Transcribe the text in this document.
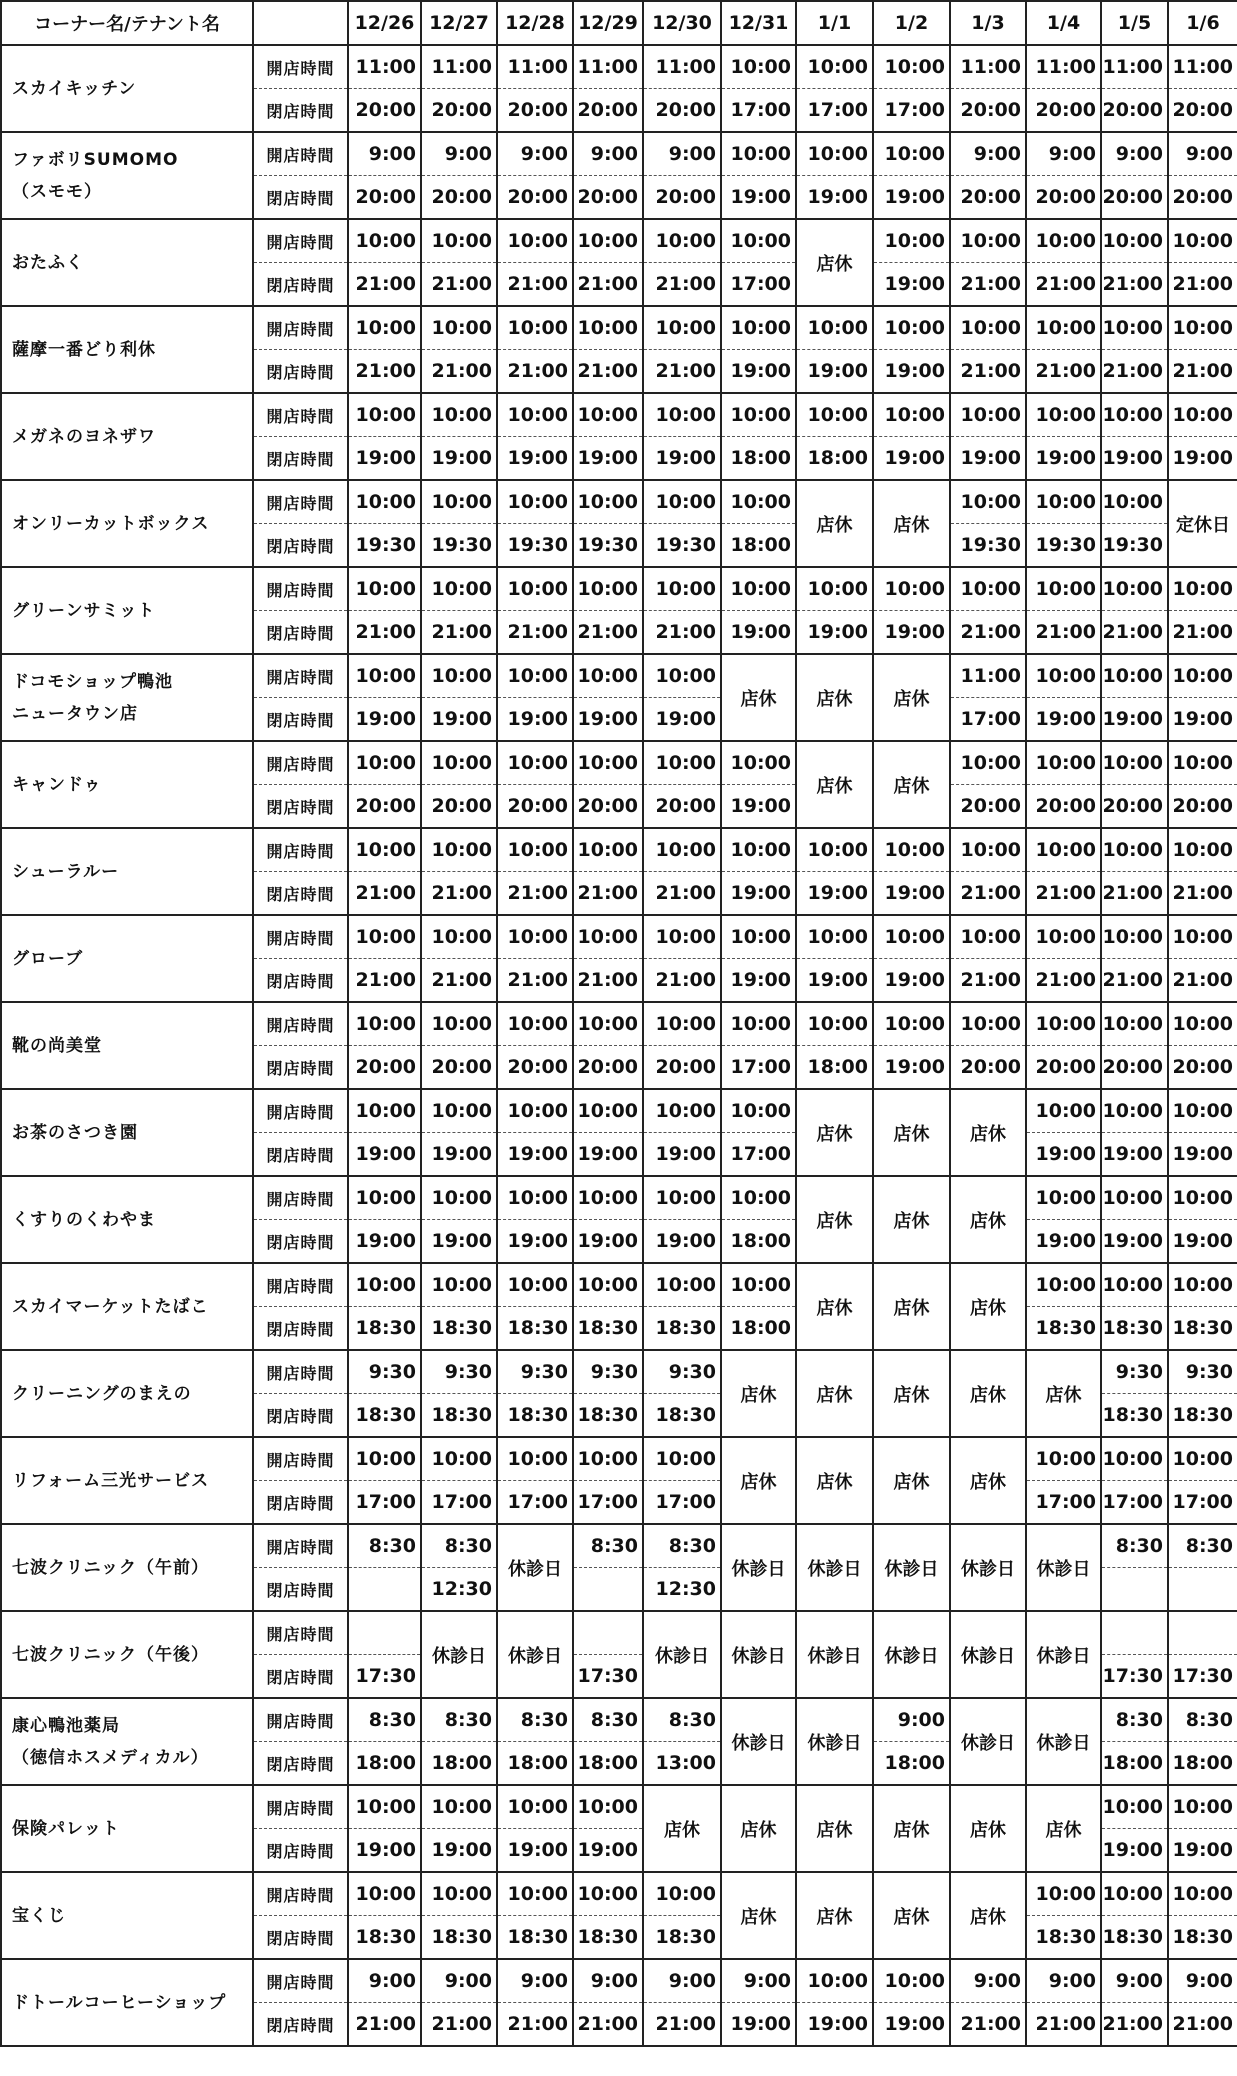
コーナー名/テナント名		12/26	12/27	12/28	12/29	12/30	12/31	1/1	1/2	1/3	1/4	1/5	1/6

スカイキッチン	開店時間	11:00	11:00	11:00	11:00	11:00	10:00	10:00	10:00	11:00	11:00	11:00	11:00
	閉店時間	20:00	20:00	20:00	20:00	20:00	17:00	17:00	17:00	20:00	20:00	20:00	20:00

ファボリSUMOMO
（スモモ）	開店時間	9:00	9:00	9:00	9:00	9:00	10:00	10:00	10:00	9:00	9:00	9:00	9:00
	閉店時間	20:00	20:00	20:00	20:00	20:00	19:00	19:00	19:00	20:00	20:00	20:00	20:00

おたふく	開店時間	10:00	10:00	10:00	10:00	10:00	10:00	店休	10:00	10:00	10:00	10:00	10:00
	閉店時間	21:00	21:00	21:00	21:00	21:00	17:00		19:00	21:00	21:00	21:00	21:00

薩摩一番どり利休	開店時間	10:00	10:00	10:00	10:00	10:00	10:00	10:00	10:00	10:00	10:00	10:00	10:00
	閉店時間	21:00	21:00	21:00	21:00	21:00	19:00	19:00	19:00	21:00	21:00	21:00	21:00

メガネのヨネザワ	開店時間	10:00	10:00	10:00	10:00	10:00	10:00	10:00	10:00	10:00	10:00	10:00	10:00
	閉店時間	19:00	19:00	19:00	19:00	19:00	18:00	18:00	19:00	19:00	19:00	19:00	19:00

オンリーカットボックス	開店時間	10:00	10:00	10:00	10:00	10:00	10:00	店休	店休	10:00	10:00	10:00	定休日
	閉店時間	19:30	19:30	19:30	19:30	19:30	18:00			19:30	19:30	19:30	

グリーンサミット	開店時間	10:00	10:00	10:00	10:00	10:00	10:00	10:00	10:00	10:00	10:00	10:00	10:00
	閉店時間	21:00	21:00	21:00	21:00	21:00	19:00	19:00	19:00	21:00	21:00	21:00	21:00

ドコモショップ鴨池
ニュータウン店	開店時間	10:00	10:00	10:00	10:00	10:00	店休	店休	店休	11:00	10:00	10:00	10:00
	閉店時間	19:00	19:00	19:00	19:00	19:00				17:00	19:00	19:00	19:00

キャンドゥ	開店時間	10:00	10:00	10:00	10:00	10:00	10:00	店休	店休	10:00	10:00	10:00	10:00
	閉店時間	20:00	20:00	20:00	20:00	20:00	19:00			20:00	20:00	20:00	20:00

シューラルー	開店時間	10:00	10:00	10:00	10:00	10:00	10:00	10:00	10:00	10:00	10:00	10:00	10:00
	閉店時間	21:00	21:00	21:00	21:00	21:00	19:00	19:00	19:00	21:00	21:00	21:00	21:00

グローブ	開店時間	10:00	10:00	10:00	10:00	10:00	10:00	10:00	10:00	10:00	10:00	10:00	10:00
	閉店時間	21:00	21:00	21:00	21:00	21:00	19:00	19:00	19:00	21:00	21:00	21:00	21:00

靴の尚美堂	開店時間	10:00	10:00	10:00	10:00	10:00	10:00	10:00	10:00	10:00	10:00	10:00	10:00
	閉店時間	20:00	20:00	20:00	20:00	20:00	17:00	18:00	19:00	20:00	20:00	20:00	20:00

お茶のさつき園	開店時間	10:00	10:00	10:00	10:00	10:00	10:00	店休	店休	店休	10:00	10:00	10:00
	閉店時間	19:00	19:00	19:00	19:00	19:00	17:00				19:00	19:00	19:00

くすりのくわやま	開店時間	10:00	10:00	10:00	10:00	10:00	10:00	店休	店休	店休	10:00	10:00	10:00
	閉店時間	19:00	19:00	19:00	19:00	19:00	18:00				19:00	19:00	19:00

スカイマーケットたばこ	開店時間	10:00	10:00	10:00	10:00	10:00	10:00	店休	店休	店休	10:00	10:00	10:00
	閉店時間	18:30	18:30	18:30	18:30	18:30	18:00				18:30	18:30	18:30

クリーニングのまえの	開店時間	9:30	9:30	9:30	9:30	9:30	店休	店休	店休	店休	店休	9:30	9:30
	閉店時間	18:30	18:30	18:30	18:30	18:30						18:30	18:30

リフォーム三光サービス	開店時間	10:00	10:00	10:00	10:00	10:00	店休	店休	店休	店休	10:00	10:00	10:00
	閉店時間	17:00	17:00	17:00	17:00	17:00					17:00	17:00	17:00

七波クリニック（午前）	開店時間	8:30	8:30	休診日	8:30	8:30	休診日	休診日	休診日	休診日	休診日	8:30	8:30
	閉店時間		12:30			12:30							

七波クリニック（午後）	開店時間		休診日	休診日		休診日	休診日	休診日	休診日	休診日	休診日		
	閉店時間	17:30			17:30							17:30	17:30

康心鴨池薬局
（徳信ホスメディカル）	開店時間	8:30	8:30	8:30	8:30	8:30	休診日	休診日	9:00	休診日	休診日	8:30	8:30
	閉店時間	18:00	18:00	18:00	18:00	13:00			18:00			18:00	18:00

保険パレット	開店時間	10:00	10:00	10:00	10:00	店休	店休	店休	店休	店休	店休	10:00	10:00
	閉店時間	19:00	19:00	19:00	19:00							19:00	19:00

宝くじ	開店時間	10:00	10:00	10:00	10:00	10:00	店休	店休	店休	店休	10:00	10:00	10:00
	閉店時間	18:30	18:30	18:30	18:30	18:30					18:30	18:30	18:30

ドトールコーヒーショップ	開店時間	9:00	9:00	9:00	9:00	9:00	9:00	10:00	10:00	9:00	9:00	9:00	9:00
	閉店時間	21:00	21:00	21:00	21:00	21:00	19:00	19:00	19:00	21:00	21:00	21:00	21:00
